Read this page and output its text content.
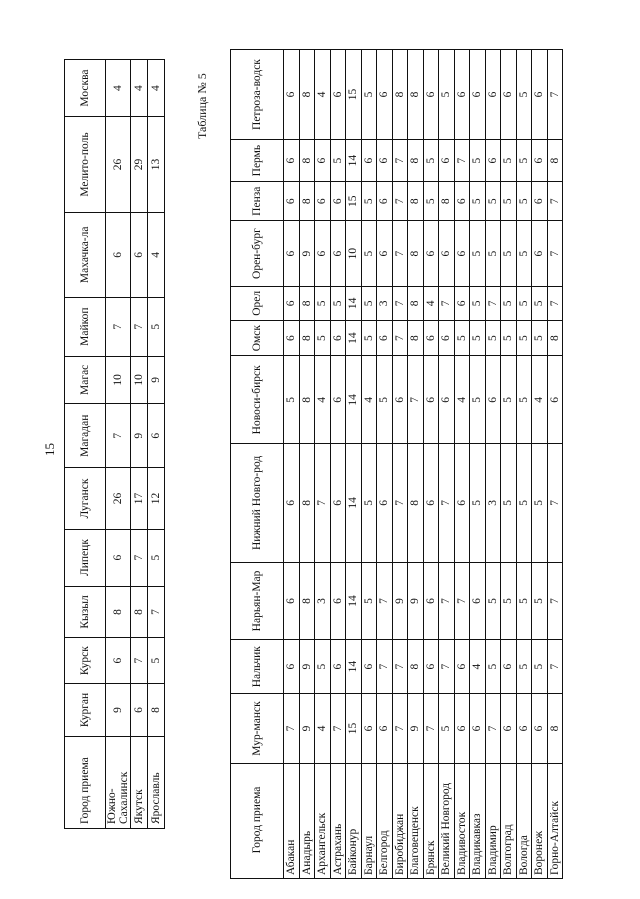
15
Город приема	Курган	Курск	Кызыл	Липецк	Луганск	Магадан	Магас	Майкоп	Махачка-ла	Мелито-поль	Москва
Южно-Сахалинск	9	6	8	6	26	7	10	7	6	26	4
Якутск	6	7	8	7	17	9	10	7	6	29	4
Ярославль	8	5	7	5	12	6	9	5	4	13	4	Таблица № 5
Город приема	Мур-манск	Нальчик	Нарьян-Мар	Нижний Новго-род	Новоси-бирск	Омск	Орел	Орен-бург	Пенза	Пермь	Петроза-водск
Абакан	7	6	6	6	5	6	6	6	6	6	6
Анадырь	9	9	8	8	8	8	8	9	8	8	8
Архангельск	4	5	3	7	4	5	5	6	6	6	4
Астрахань	7	6	6	6	6	6	5	6	6	5	6
Байконур	15	14	14	14	14	14	14	10	15	14	15
Барнаул	6	6	5	5	4	5	5	5	5	6	5
Белгород	6	7	7	6	5	6	3	6	6	6	6
Биробиджан	7	7	9	7	6	7	7	7	7	7	8
Благовещенск	9	8	9	8	7	8	8	8	8	8	8
Брянск	7	6	6	6	6	6	4	6	5	5	6
Великий Новгород	5	7	7	7	6	6	7	6	8	6	5
Владивосток	6	6	7	6	4	5	6	6	6	7	6
Владикавказ	6	4	6	5	5	5	5	5	5	5	6
Владимир	7	5	5	3	6	5	7	5	5	6	6
Волгоград	6	6	5	5	5	5	5	5	5	5	6
Вологда	6	5	5	5	5	5	5	5	5	5	5
Воронеж	6	5	5	5	4	5	5	6	6	6	6
Горно-Алтайск	8	7	7	7	6	8	7	7	7	8	7
